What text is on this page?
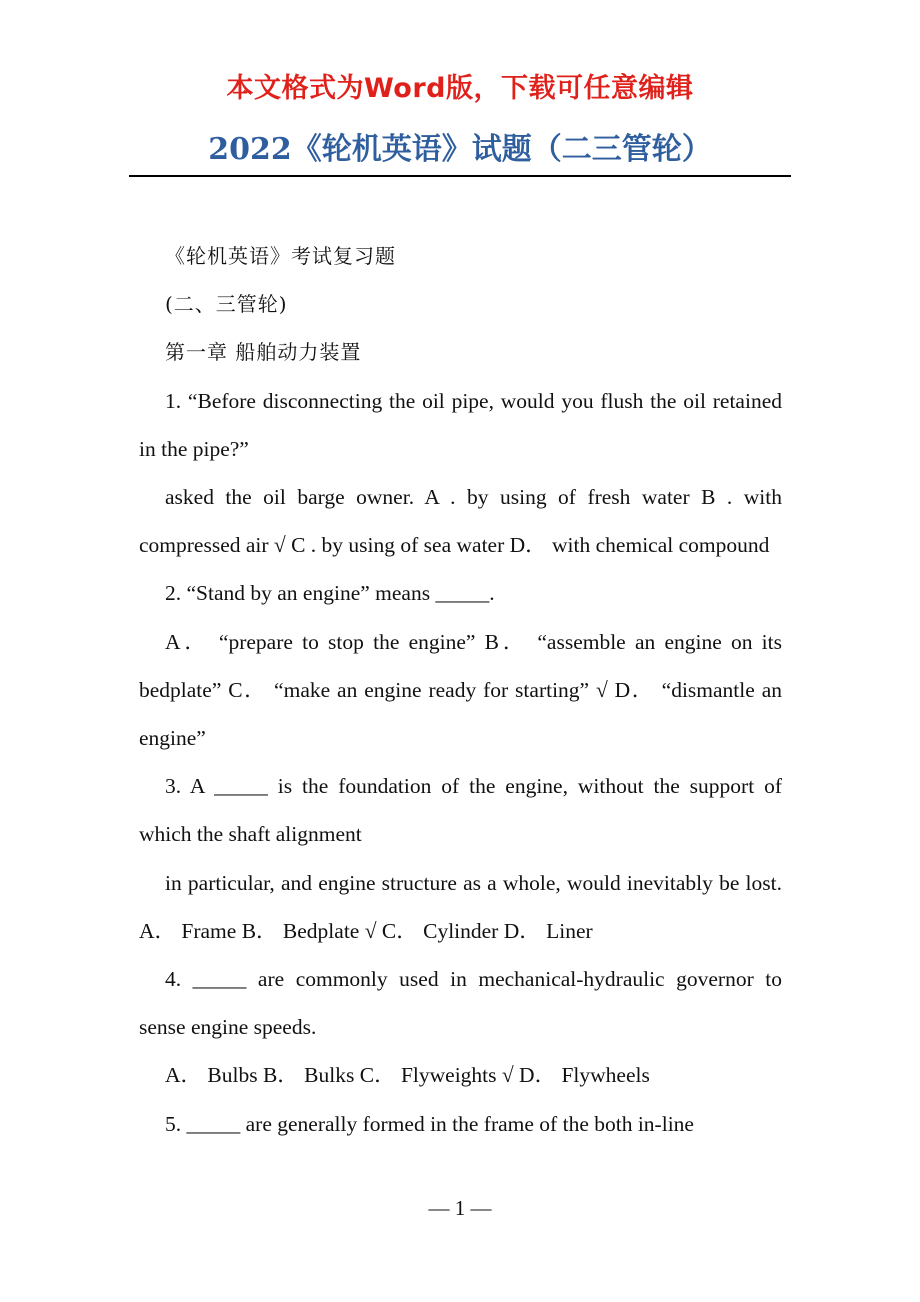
本文格式为Word版，下载可任意编辑
2022《轮机英语》试题（二三管轮）

《轮机英语》考试复习题

(二、三管轮)

第一章 船舶动力装置

1. “Before disconnecting the oil pipe, would you flush the oil retained in the pipe?”

asked the oil barge owner. A . by using of fresh water B . with compressed air √ C . by using of sea water D． with chemical compound

2. “Stand by an engine” means _____.

A． “prepare to stop the engine” B． “assemble an engine on its bedplate” C． “make an engine ready for starting” √ D． “dismantle an engine”

3. A _____ is the foundation of the engine, without the support of which the shaft alignment

in particular, and engine structure as a whole, would inevitably be lost. A． Frame B． Bedplate √ C． Cylinder D． Liner

4. _____ are commonly used in mechanical-hydraulic governor to sense engine speeds.

A． Bulbs B． Bulks C． Flyweights √ D． Flywheels

5. _____ are generally formed in the frame of the both in-line

— 1 —
